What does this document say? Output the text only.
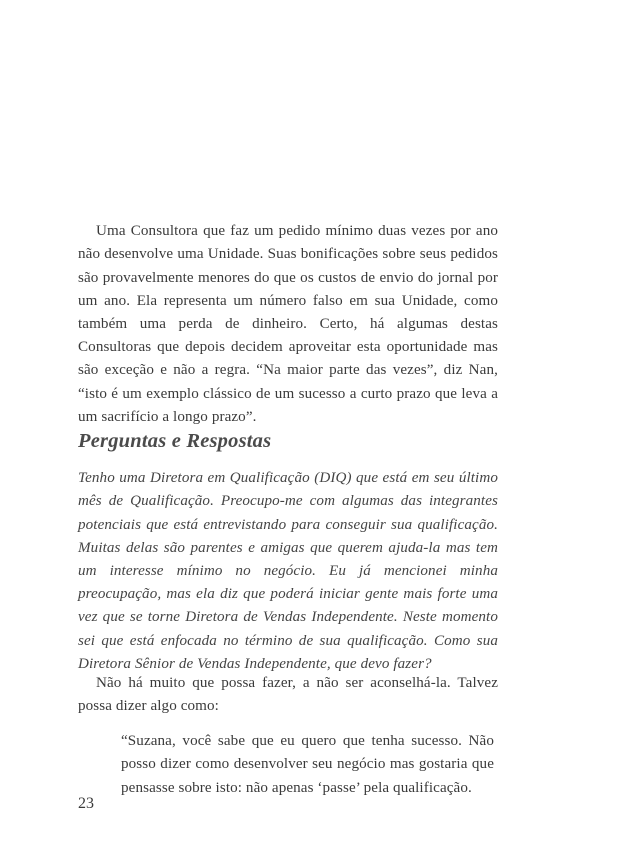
Uma Consultora que faz um pedido mínimo duas vezes por ano não desenvolve uma Unidade. Suas bonificações sobre seus pedidos são provavelmente menores do que os custos de envio do jornal por um ano. Ela representa um número falso em sua Unidade, como também uma perda de dinheiro. Certo, há algumas destas Consultoras que depois decidem aproveitar esta oportunidade mas são exceção e não a regra. “Na maior parte das vezes”, diz Nan, “isto é um exemplo clássico de um sucesso a curto prazo que leva a um sacrifício a longo prazo”.

Perguntas e Respostas

Tenho uma Diretora em Qualificação (DIQ) que está em seu último mês de Qualificação. Preocupo-me com algumas das integrantes potenciais que está entrevistando para conseguir sua qualificação. Muitas delas são parentes e amigas que querem ajuda-la mas tem um interesse mínimo no negócio. Eu já mencionei minha preocupação, mas ela diz que poderá iniciar gente mais forte uma vez que se torne Diretora de Vendas Independente. Neste momento sei que está enfocada no término de sua qualificação. Como sua Diretora Sênior de Vendas Independente, que devo fazer?

Não há muito que possa fazer, a não ser aconselhá-la. Talvez possa dizer algo como:

“Suzana, você sabe que eu quero que tenha sucesso. Não posso dizer como desenvolver seu negócio mas gostaria que pensasse sobre isto: não apenas ‘passe’ pela qualificação.

23
